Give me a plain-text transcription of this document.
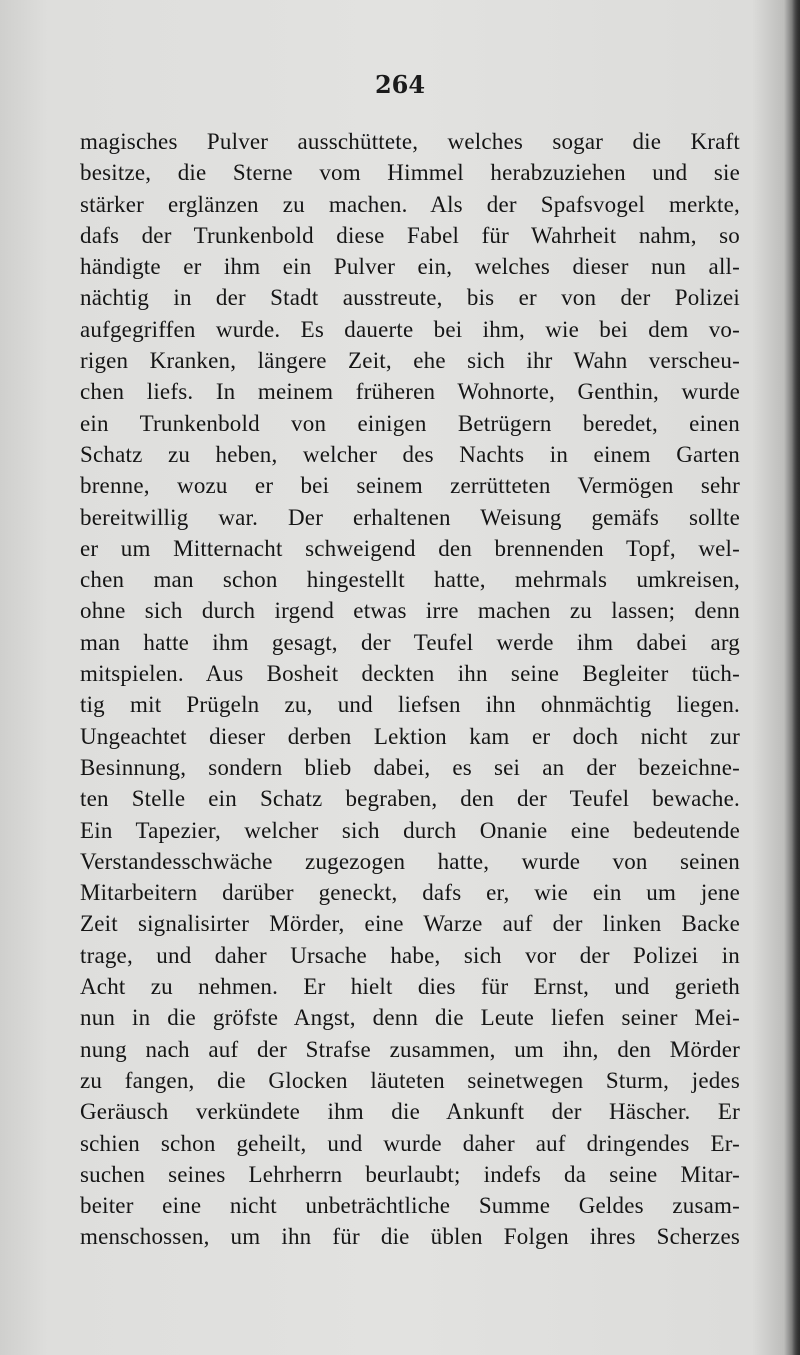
264
magisches Pulver ausschüttete, welches sogar die Kraft
besitze, die Sterne vom Himmel herabzuziehen und sie
stärker erglänzen zu machen. Als der Spafsvogel merkte,
dafs der Trunkenbold diese Fabel für Wahrheit nahm, so
händigte er ihm ein Pulver ein, welches dieser nun all-
nächtig in der Stadt ausstreute, bis er von der Polizei
aufgegriffen wurde. Es dauerte bei ihm, wie bei dem vo-
rigen Kranken, längere Zeit, ehe sich ihr Wahn verscheu-
chen liefs. In meinem früheren Wohnorte, Genthin, wurde
ein Trunkenbold von einigen Betrügern beredet, einen
Schatz zu heben, welcher des Nachts in einem Garten
brenne, wozu er bei seinem zerrütteten Vermögen sehr
bereitwillig war. Der erhaltenen Weisung gemäfs sollte
er um Mitternacht schweigend den brennenden Topf, wel-
chen man schon hingestellt hatte, mehrmals umkreisen,
ohne sich durch irgend etwas irre machen zu lassen; denn
man hatte ihm gesagt, der Teufel werde ihm dabei arg
mitspielen. Aus Bosheit deckten ihn seine Begleiter tüch-
tig mit Prügeln zu, und liefsen ihn ohnmächtig liegen.
Ungeachtet dieser derben Lektion kam er doch nicht zur
Besinnung, sondern blieb dabei, es sei an der bezeichne-
ten Stelle ein Schatz begraben, den der Teufel bewache.
Ein Tapezier, welcher sich durch Onanie eine bedeutende
Verstandesschwäche zugezogen hatte, wurde von seinen
Mitarbeitern darüber geneckt, dafs er, wie ein um jene
Zeit signalisirter Mörder, eine Warze auf der linken Backe
trage, und daher Ursache habe, sich vor der Polizei in
Acht zu nehmen. Er hielt dies für Ernst, und gerieth
nun in die gröfste Angst, denn die Leute liefen seiner Mei-
nung nach auf der Strafse zusammen, um ihn, den Mörder
zu fangen, die Glocken läuteten seinetwegen Sturm, jedes
Geräusch verkündete ihm die Ankunft der Häscher. Er
schien schon geheilt, und wurde daher auf dringendes Er-
suchen seines Lehrherrn beurlaubt; indefs da seine Mitar-
beiter eine nicht unbeträchtliche Summe Geldes zusam-
menschossen, um ihn für die üblen Folgen ihres Scherzes
